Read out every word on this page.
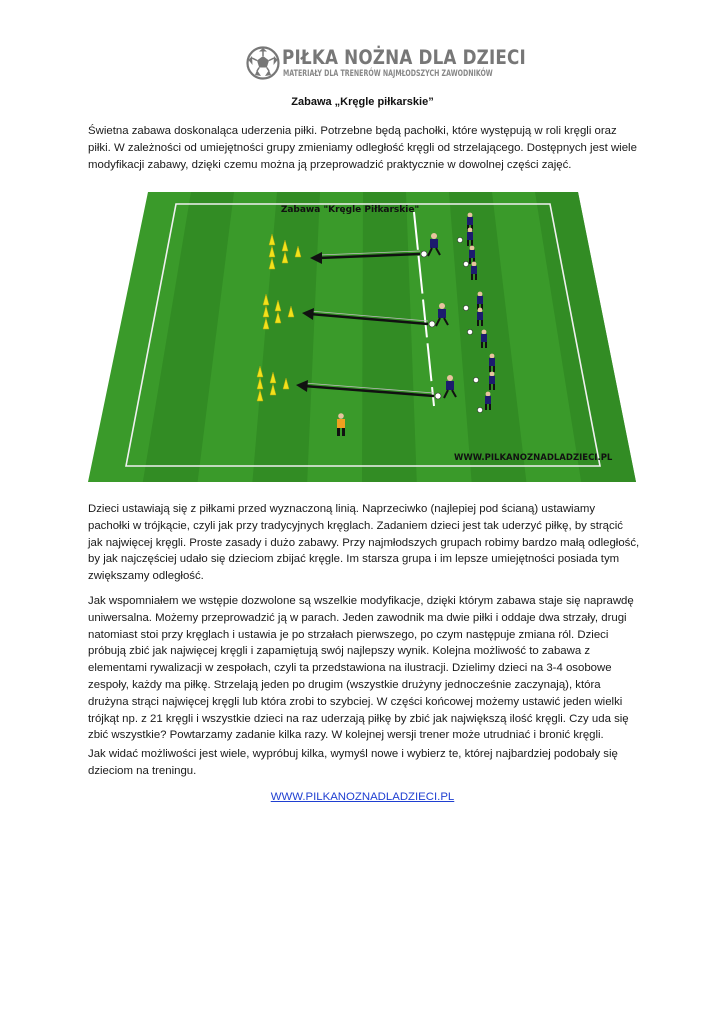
PIŁKA NOŻNA DLA DZIECI
MATERIAŁY DLA TRENERÓW NAJMŁODSZYCH ZAWODNIKÓW
Zabawa „Kręgle piłkarskie”

Świetna zabawa doskonaląca uderzenia piłki. Potrzebne będą pachołki, które występują w roli kręgli oraz piłki. W zależności od umiejętności grupy zmieniamy odległość kręgli od strzelającego. Dostępnych jest wiele modyfikacji zabawy, dzięki czemu można ją przeprowadzić praktycznie w dowolnej części zajęć.

Zabawa "Kręgle Piłkarskie"
WWW.PILKANOZNADLADZIECI.PL

Dzieci ustawiają się z piłkami przed wyznaczoną linią. Naprzeciwko (najlepiej pod ścianą) ustawiamy pachołki w trójkącie, czyli jak przy tradycyjnych kręglach. Zadaniem dzieci jest tak uderzyć piłkę, by strącić jak najwięcej kręgli. Proste zasady i dużo zabawy. Przy najmłodszych grupach robimy bardzo małą odległość, by jak najczęściej udało się dzieciom zbijać kręgle. Im starsza grupa i im lepsze umiejętności posiada tym zwiększamy odległość.

Jak wspomniałem we wstępie dozwolone są wszelkie modyfikacje, dzięki którym zabawa staje się naprawdę uniwersalna. Możemy przeprowadzić ją w parach. Jeden zawodnik ma dwie piłki i oddaje dwa strzały, drugi natomiast stoi przy kręglach i ustawia je po strzałach pierwszego, po czym następuje zmiana ról. Dzieci próbują zbić jak najwięcej kręgli i zapamiętują swój najlepszy wynik. Kolejna możliwość to zabawa z elementami rywalizacji w zespołach, czyli ta przedstawiona na ilustracji. Dzielimy dzieci na 3-4 osobowe zespoły, każdy ma piłkę. Strzelają jeden po drugim (wszystkie drużyny jednocześnie zaczynają), która drużyna strąci najwięcej kręgli lub która zrobi to szybciej. W części końcowej możemy ustawić jeden wielki trójkąt np. z 21 kręgli i wszystkie dzieci na raz uderzają piłkę by zbić jak największą ilość kręgli. Czy uda się zbić wszystkie? Powtarzamy zadanie kilka razy. W kolejnej wersji trener może utrudniać i bronić kręgli.

Jak widać możliwości jest wiele, wypróbuj kilka, wymyśl nowe i wybierz te, której najbardziej podobały się dzieciom na treningu.

WWW.PILKANOZNADLADZIECI.PL
